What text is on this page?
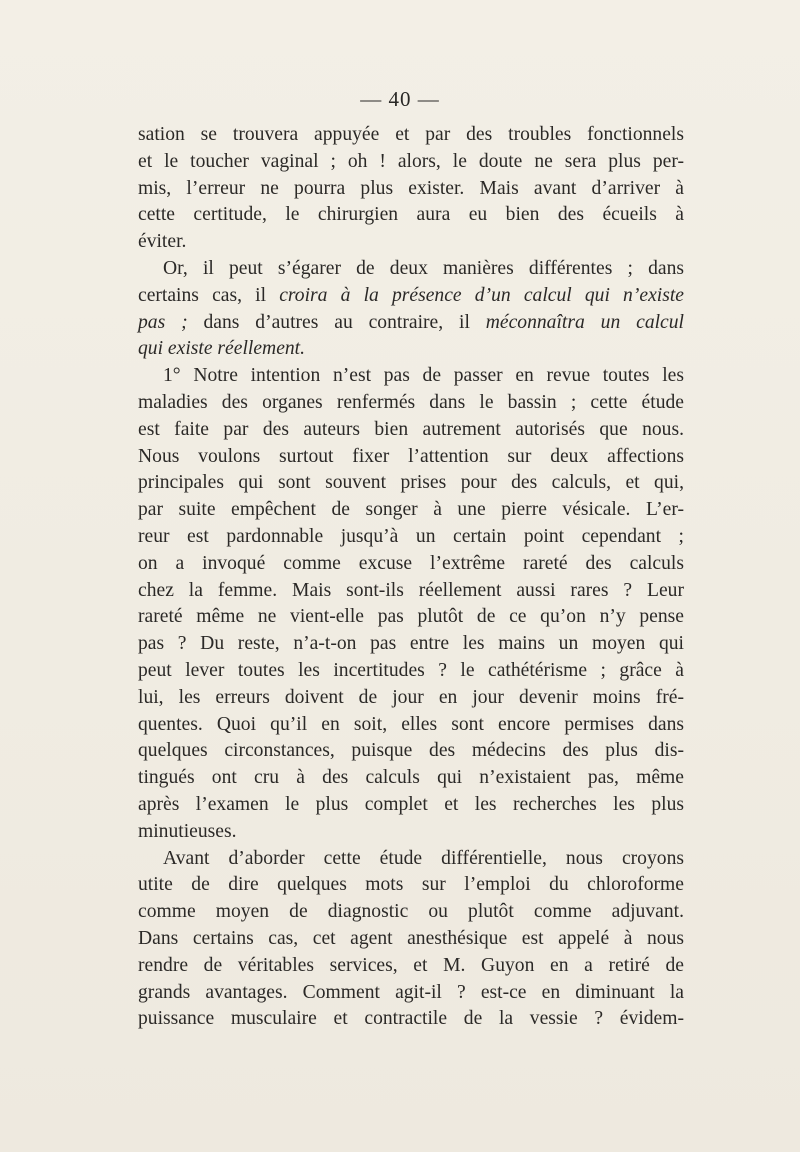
— 40 —
sation se trouvera appuyée et par des troubles fonctionnels
et le toucher vaginal ; oh ! alors, le doute ne sera plus per-
mis, l’erreur ne pourra plus exister. Mais avant d’arriver à
cette certitude, le chirurgien aura eu bien des écueils à
éviter.
Or, il peut s’égarer de deux manières différentes ; dans
certains cas, il croira à la présence d’un calcul qui n’existe
pas ; dans d’autres au contraire, il méconnaîtra un calcul
qui existe réellement.
1° Notre intention n’est pas de passer en revue toutes les
maladies des organes renfermés dans le bassin ; cette étude
est faite par des auteurs bien autrement autorisés que nous.
Nous voulons surtout fixer l’attention sur deux affections
principales qui sont souvent prises pour des calculs, et qui,
par suite empêchent de songer à une pierre vésicale. L’er-
reur est pardonnable jusqu’à un certain point cependant ;
on a invoqué comme excuse l’extrême rareté des calculs
chez la femme. Mais sont-ils réellement aussi rares ? Leur
rareté même ne vient-elle pas plutôt de ce qu’on n’y pense
pas ? Du reste, n’a-t-on pas entre les mains un moyen qui
peut lever toutes les incertitudes ? le cathétérisme ; grâce à
lui, les erreurs doivent de jour en jour devenir moins fré-
quentes. Quoi qu’il en soit, elles sont encore permises dans
quelques circonstances, puisque des médecins des plus dis-
tingués ont cru à des calculs qui n’existaient pas, même
après l’examen le plus complet et les recherches les plus
minutieuses.
Avant d’aborder cette étude différentielle, nous croyons
utite de dire quelques mots sur l’emploi du chloroforme
comme moyen de diagnostic ou plutôt comme adjuvant.
Dans certains cas, cet agent anesthésique est appelé à nous
rendre de véritables services, et M. Guyon en a retiré de
grands avantages. Comment agit-il ? est-ce en diminuant la
puissance musculaire et contractile de la vessie ? évidem-
